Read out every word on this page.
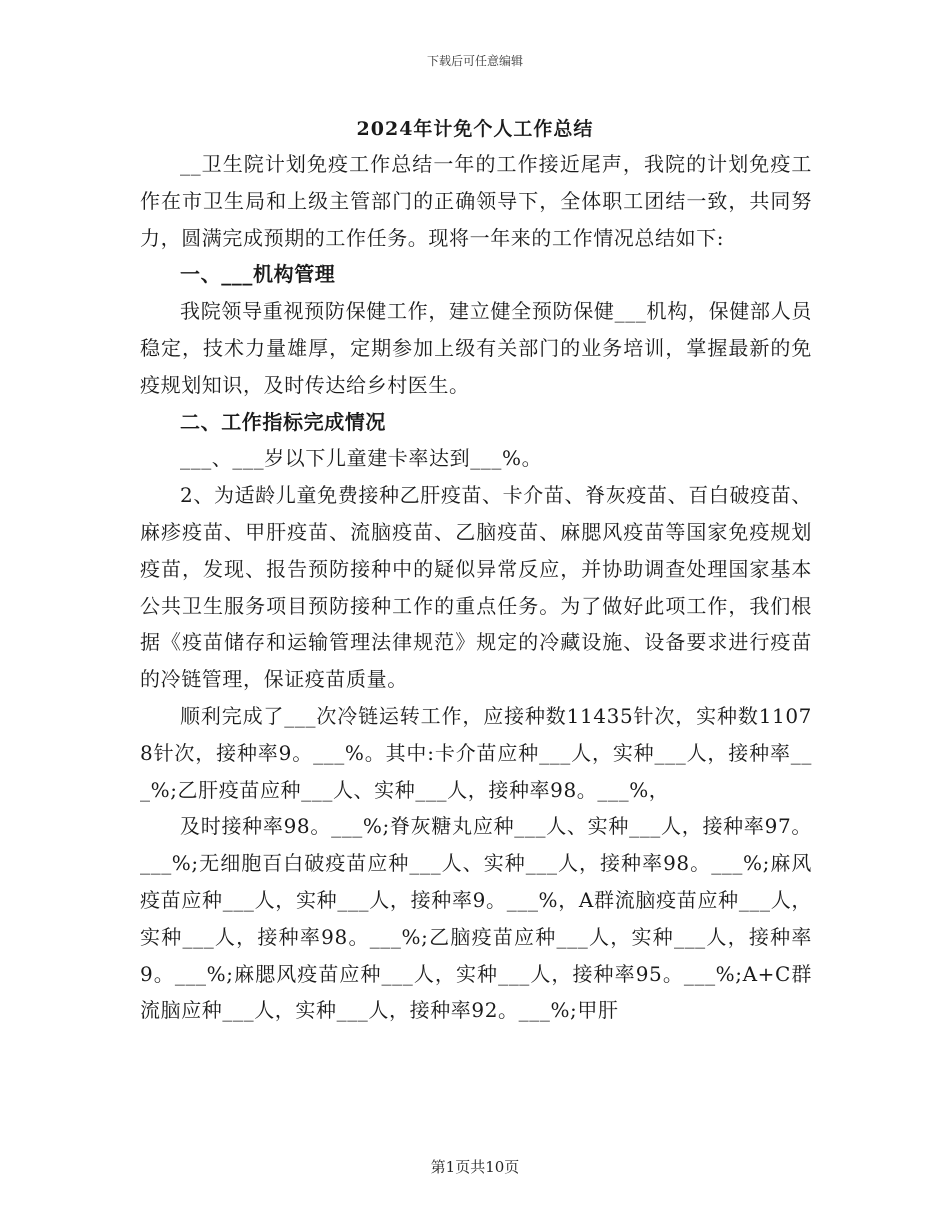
下载后可任意编辑
2024年计免个人工作总结

__卫生院计划免疫工作总结一年的工作接近尾声，我院的计划免疫工作在市卫生局和上级主管部门的正确领导下，全体职工团结一致，共同努力，圆满完成预期的工作任务。现将一年来的工作情况总结如下:

一、___机构管理

我院领导重视预防保健工作，建立健全预防保健___机构，保健部人员稳定，技术力量雄厚，定期参加上级有关部门的业务培训，掌握最新的免疫规划知识，及时传达给乡村医生。

二、工作指标完成情况

___、___岁以下儿童建卡率达到___%。

2、为适龄儿童免费接种乙肝疫苗、卡介苗、脊灰疫苗、百白破疫苗、麻疹疫苗、甲肝疫苗、流脑疫苗、乙脑疫苗、麻腮风疫苗等国家免疫规划疫苗，发现、报告预防接种中的疑似异常反应，并协助调查处理国家基本公共卫生服务项目预防接种工作的重点任务。为了做好此项工作，我们根据《疫苗储存和运输管理法律规范》规定的冷藏设施、设备要求进行疫苗的冷链管理，保证疫苗质量。

顺利完成了___次冷链运转工作，应接种数11435针次，实种数11078针次，接种率9。___%。其中:卡介苗应种___人，实种___人，接种率___%;乙肝疫苗应种___人、实种___人，接种率98。___%，

及时接种率98。___%;脊灰糖丸应种___人、实种___人，接种率97。___%;无细胞百白破疫苗应种___人、实种___人，接种率98。___%;麻风疫苗应种___人，实种___人，接种率9。___%，A群流脑疫苗应种___人，实种___人，接种率98。___%;乙脑疫苗应种___人，实种___人，接种率9。___%;麻腮风疫苗应种___人，实种___人，接种率95。___%;A+C群流脑应种___人，实种___人，接种率92。___%;甲肝

第1页共10页
